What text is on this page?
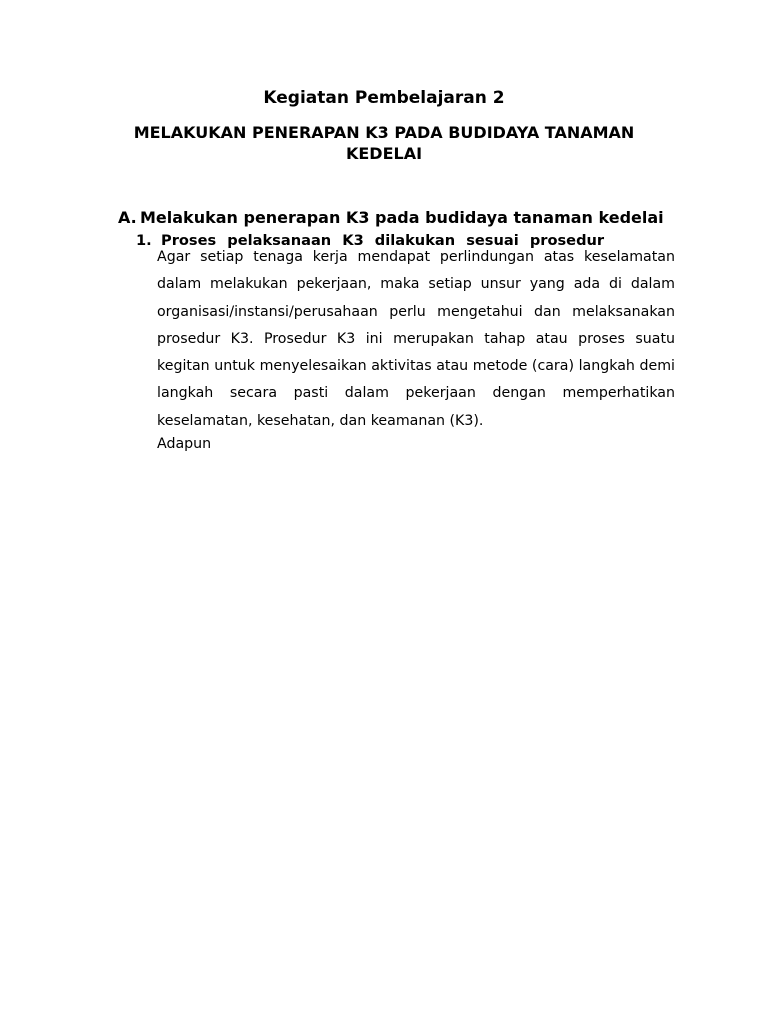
Kegiatan Pembelajaran 2
MELAKUKAN PENERAPAN K3 PADA BUDIDAYA TANAMAN KEDELAI
A. Melakukan penerapan K3 pada budidaya tanaman kedelai
1. Proses pelaksanaan K3 dilakukan sesuai prosedur

Agar setiap tenaga kerja mendapat perlindungan atas keselamatan dalam melakukan pekerjaan, maka setiap unsur yang ada di dalam organisasi/instansi/perusahaan perlu mengetahui dan melaksanakan prosedur K3. Prosedur K3 ini merupakan tahap atau proses suatu kegitan untuk menyelesaikan aktivitas atau metode (cara) langkah demi langkah secara pasti dalam pekerjaan dengan memperhatikan keselamatan, kesehatan, dan keamanan (K3).

Adapun
